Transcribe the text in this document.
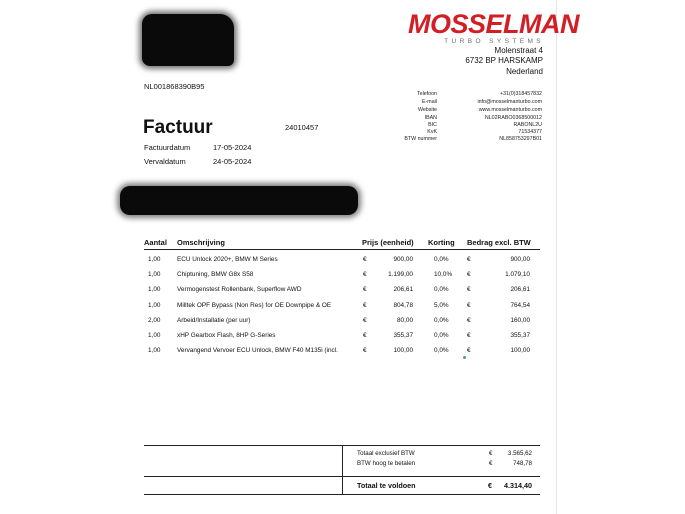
MOSSELMAN
TURBO SYSTEMS
Molenstraat 4
6732 BP HARSKAMP
Nederland
NL001868390B95
Telefoon	+31(0)318457832
E-mail	info@mosselmanturbo.com
Website	www.mosselmanturbo.com
IBAN	NL02RABO0368500012
BIC	RABONL2U
KvK	71534377
BTW nummer	NL858753297B01
Factuur	24010457
Factuurdatum	17-05-2024
Vervaldatum	24-05-2024
Aantal Omschrijving	Prijs (eenheid) Korting Bedrag excl. BTW
1,00	ECU Unlock 2020+, BMW M Series	€	900,00	0,0%	€	900,00
1,00	Chiptuning, BMW G8x S58	€	1.199,00	10,0% €	1.079,10
1,00	Vermogenstest Rollenbank, Superflow AWD	€	206,61	0,0%	€	206,61
1,00	Milltek OPF Bypass (Non Res) for OE Downpipe & OE	€	804,78	5,0%	€	764,54
2,00	Arbeid/Installatie (per uur)	€	80,00	0,0%	€	160,00
1,00	xHP Gearbox Flash, 8HP G-Series	€	355,37	0,0%	€	355,37
1,00	Vervangend Vervoer ECU Unlock, BMW F40 M135i (incl.	€	100,00	0,0%	€	100,00
Totaal exclusief BTW	€	3.565,62
BTW hoog te betalen	€	748,78
Totaal te voldoen	€	4.314,40
